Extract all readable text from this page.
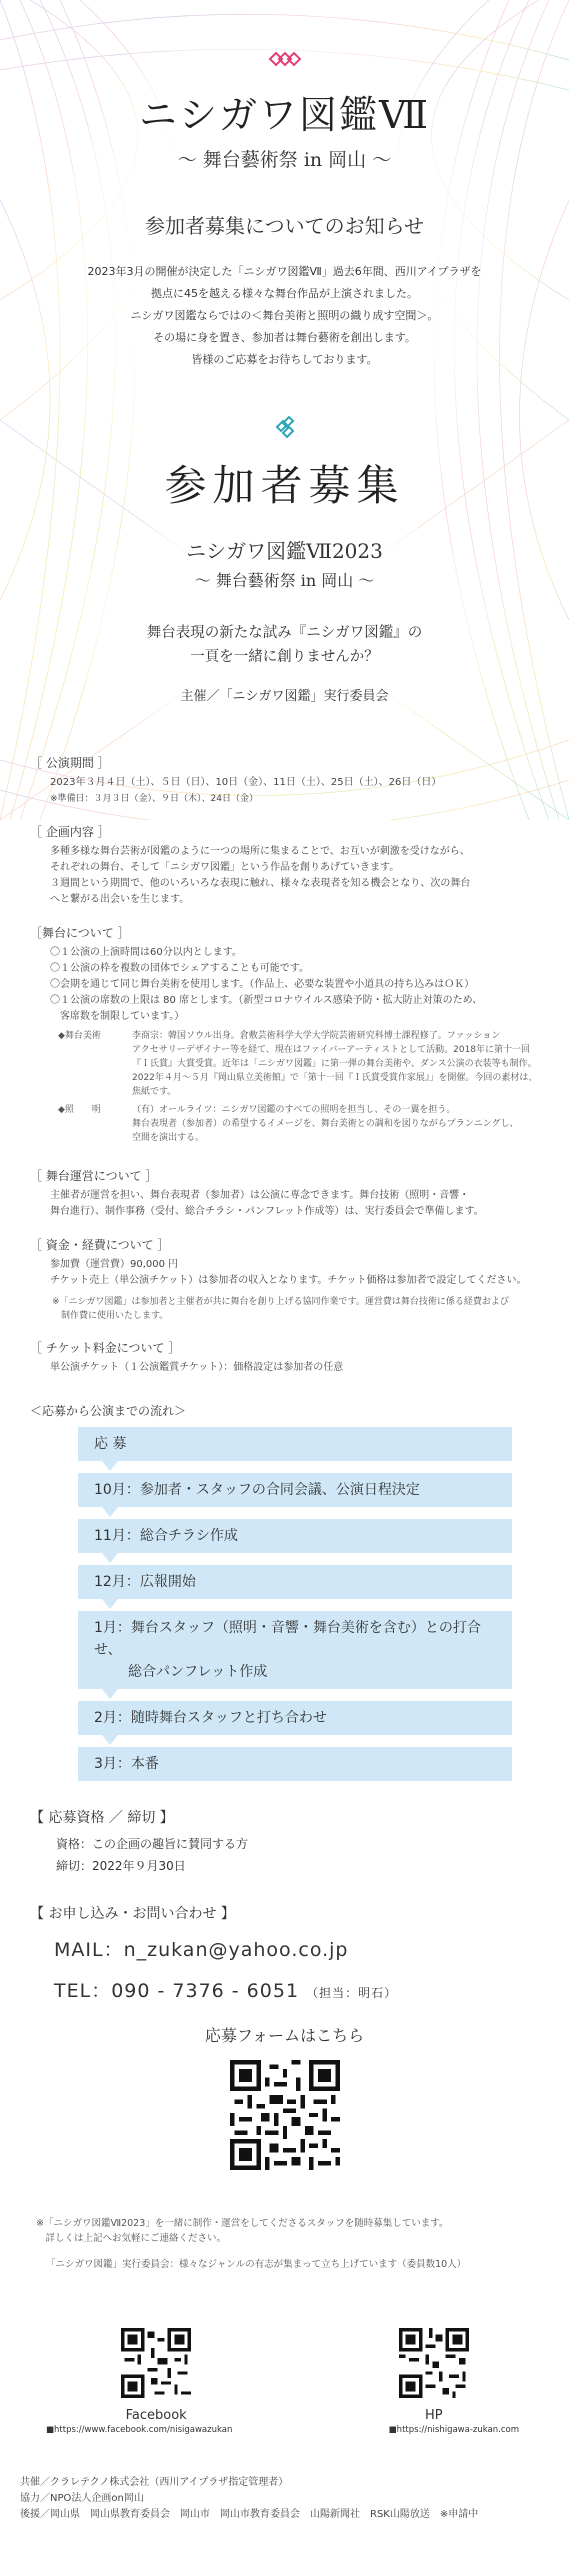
ニシガワ図鑑Ⅶ
～ 舞台藝術祭 in 岡山 ～
参加者募集についてのお知らせ
2023年3月の開催が決定した「ニシガワ図鑑Ⅶ」過去6年間、西川アイプラザを
拠点に45を越える様々な舞台作品が上演されました。
ニシガワ図鑑ならではの＜舞台美術と照明の織り成す空間＞。
その場に身を置き、参加者は舞台藝術を創出します。
皆様のご応募をお待ちしております。
参加者募集
ニシガワ図鑑Ⅶ2023
～ 舞台藝術祭 in 岡山 ～
舞台表現の新たな試み『ニシガワ図鑑』の
一頁を一緒に創りませんか？
主催／「ニシガワ図鑑」実行委員会
［ 公演期間 ］
2023年３月４日（土）、５日（日）、10日（金）、11日（土）、25日（土）、26日（日）
※準備日：３月３日（金）、９日（木）、24日（金）
［ 企画内容 ］
多種多様な舞台芸術が図鑑のように一つの場所に集まることで、お互いが刺激を受けながら、
それぞれの舞台、そして「ニシガワ図鑑」という作品を創りあげていきます。
３週間という期間で、他のいろいろな表現に触れ、様々な表現者を知る機会となり、次の舞台
へと繋がる出会いを生じます。
［舞台について ］
〇１公演の上演時間は60分以内とします。
〇１公演の枠を複数の団体でシェアすることも可能です。
〇会期を通じて同じ舞台美術を使用します。（作品上、必要な装置や小道具の持ち込みはＯＫ）
〇１公演の席数の上限は 80 席とします。（新型コロナウイルス感染予防・拡大防止対策のため、
　客席数を制限しています。）
◆舞台美術	李商宗：韓国ソウル出身。倉敷芸術科学大学大学院芸術研究科博士課程修了。ファッション
アクセサリーデザイナー等を経て、現在はファイバーアーティストとして活動。2018年に第十一回
『Ｉ氏賞』大賞受賞。近年は「ニシガワ図鑑」に第一弾の舞台美術や、ダンス公演の衣装等も制作。
2022年４月～５月『岡山県立美術館』で「第十一回『Ｉ氏賞受賞作家展』」を開催。今回の素材は、
焦紙です。
◆照　　明	（有）オールライツ：ニシガワ図鑑のすべての照明を担当し、その一翼を担う。
舞台表現者（参加者）の希望するイメージを、舞台美術との調和を図りながらプランニングし、
空間を演出する。
［ 舞台運営について ］
主催者が運営を担い、舞台表現者（参加者）は公演に専念できます。舞台技術（照明・音響・
舞台進行）、制作事務（受付、総合チラシ・パンフレット作成等）は、実行委員会で準備します。
［ 資金・経費について ］
参加費（運営費）90,000 円
チケット売上（単公演チケット）は参加者の収入となります。チケット価格は参加者で設定してください。
※「ニシガワ図鑑」は参加者と主催者が共に舞台を創り上げる協同作業です。運営費は舞台技術に係る経費および
　制作費に使用いたします。
［ チケット料金について ］
単公演チケット（１公演鑑賞チケット）：価格設定は参加者の任意
＜応募から公演までの流れ＞
応 募
10月：参加者・スタッフの合同会議、公演日程決定
11月：総合チラシ作成
12月：広報開始
1月：舞台スタッフ（照明・音響・舞台美術を含む）との打合せ、
総合パンフレット作成
2月：随時舞台スタッフと打ち合わせ
3月：本番
【 応募資格 ／ 締切 】
資格：この企画の趣旨に賛同する方
締切：2022年９月30日
【 お申し込み・お問い合わせ 】
MAIL：n_zukan@yahoo.co.jp
TEL：090 - 7376 - 6051 （担当：明石）
応募フォームはこちら
※「ニシガワ図鑑Ⅶ2023」を一緒に制作・運営をしてくださるスタッフを随時募集しています。
　詳しくは上記へお気軽にご連絡ください。
「ニシガワ図鑑」実行委員会：様々なジャンルの有志が集まって立ち上げています（委員数10人）
Facebook
■https://www.facebook.com/nisigawazukan
HP
■https://nishigawa-zukan.com
共催／クラレテクノ株式会社（西川アイプラザ指定管理者）
協力／NPO法人企画on岡山
後援／岡山県　岡山県教育委員会　岡山市　岡山市教育委員会　山陽新聞社　RSK山陽放送　※申請中
